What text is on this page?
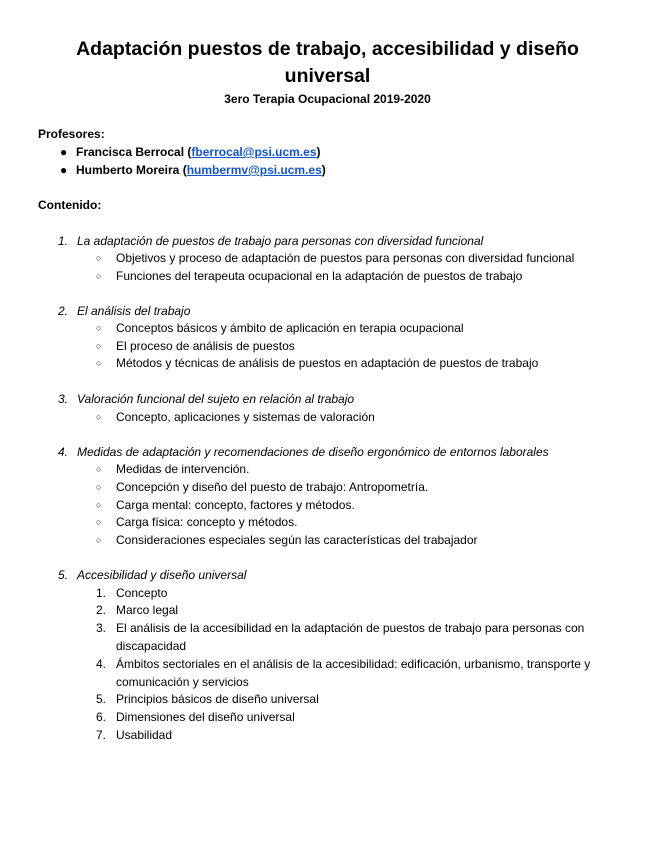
Adaptación puestos de trabajo, accesibilidad y diseño universal
3ero Terapia Ocupacional 2019-2020
Profesores:
● Francisca Berrocal (fberrocal@psi.ucm.es)
● Humberto Moreira (humbermv@psi.ucm.es)
Contenido:
1. La adaptación de puestos de trabajo para personas con diversidad funcional
○ Objetivos y proceso de adaptación de puestos para personas con diversidad funcional
○ Funciones del terapeuta ocupacional en la adaptación de puestos de trabajo
2. El análisis del trabajo
○ Conceptos básicos y ámbito de aplicación en terapia ocupacional
○ El proceso de análisis de puestos
○ Métodos y técnicas de análisis de puestos en adaptación de puestos de trabajo
3. Valoración funcional del sujeto en relación al trabajo
○ Concepto, aplicaciones y sistemas de valoración
4. Medidas de adaptación y recomendaciones de diseño ergonómico de entornos laborales
○ Medidas de intervención.
○ Concepción y diseño del puesto de trabajo: Antropometría.
○ Carga mental: concepto, factores y métodos.
○ Carga física: concepto y métodos.
○ Consideraciones especiales según las características del trabajador
5. Accesibilidad y diseño universal
1. Concepto
2. Marco legal
3. El análisis de la accesibilidad en la adaptación de puestos de trabajo para personas con discapacidad
4. Ámbitos sectoriales en el análisis de la accesibilidad: edificación, urbanismo, transporte y comunicación y servicios
5. Principios básicos de diseño universal
6. Dimensiones del diseño universal
7. Usabilidad
